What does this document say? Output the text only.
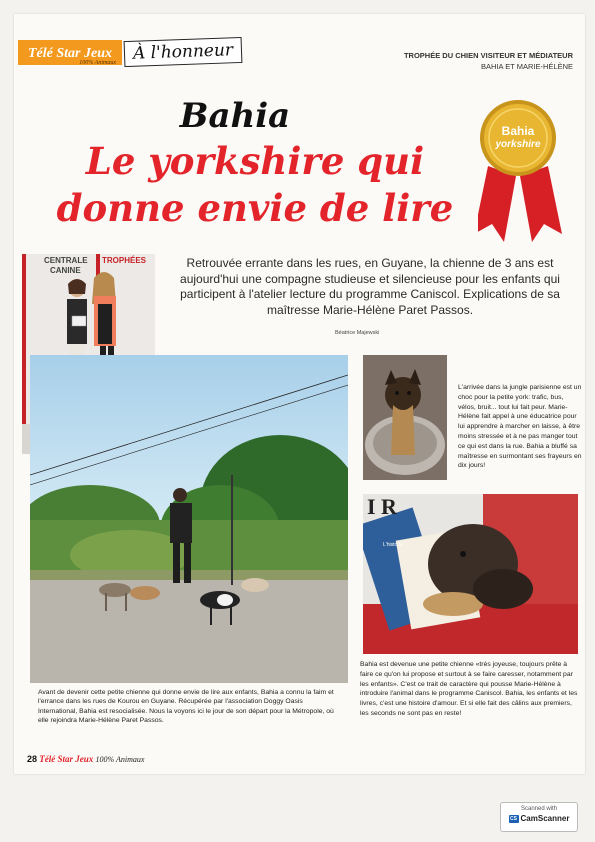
Télé Star Jeux
100% Animaux À l'honneur	TROPHÉE DU CHIEN VISITEUR ET MÉDIATEUR
BAHIA ET MARIE-HÉLÈNE
Bahia
Le yorkshire qui
donne envie de lire
Bahia
yorkshire
Retrouvée errante dans les rues, en Guyane, la chienne de 3 ans est aujourd'hui une compagne studieuse et silencieuse pour les enfants qui participent à l'atelier lecture du programme Caniscol. Explications de sa maîtresse Marie-Hélène Paret Passos.
Béatrice Majewski
CENTRALE
CANINE
TROPHÉES
L'arrivée dans la jungle parisienne est un choc pour la petite york: trafic, bus, vélos, bruit... tout lui fait peur. Marie-Hélène fait appel à une éducatrice pour lui apprendre à marcher en laisse, à être moins stressée et à ne pas manger tout ce qui est dans la rue. Bahia a bluffé sa maîtresse en surmontant ses frayeurs en dix jours!
I R
L'histoire
Avant de devenir cette petite chienne qui donne envie de lire aux enfants, Bahia a connu la faim et l'errance dans les rues de Kourou en Guyane. Récupérée par l'association Doggy Oasis International, Bahia est resocialisée. Nous la voyons ici le jour de son départ pour la Métropole, où elle rejoindra Marie-Hélène Paret Passos.
Bahia est devenue une petite chienne «très joyeuse, toujours prête à faire ce qu'on lui propose et surtout à se faire caresser, notamment par les enfants». C'est ce trait de caractère qui pousse Marie-Hélène à introduire l'animal dans le programme Caniscol. Bahia, les enfants et les livres, c'est une histoire d'amour. Et si elle fait des câlins aux premiers, les seconds ne sont pas en reste!
28 Télé Star Jeux 100% Animaux
Scanned with
CS CamScanner
